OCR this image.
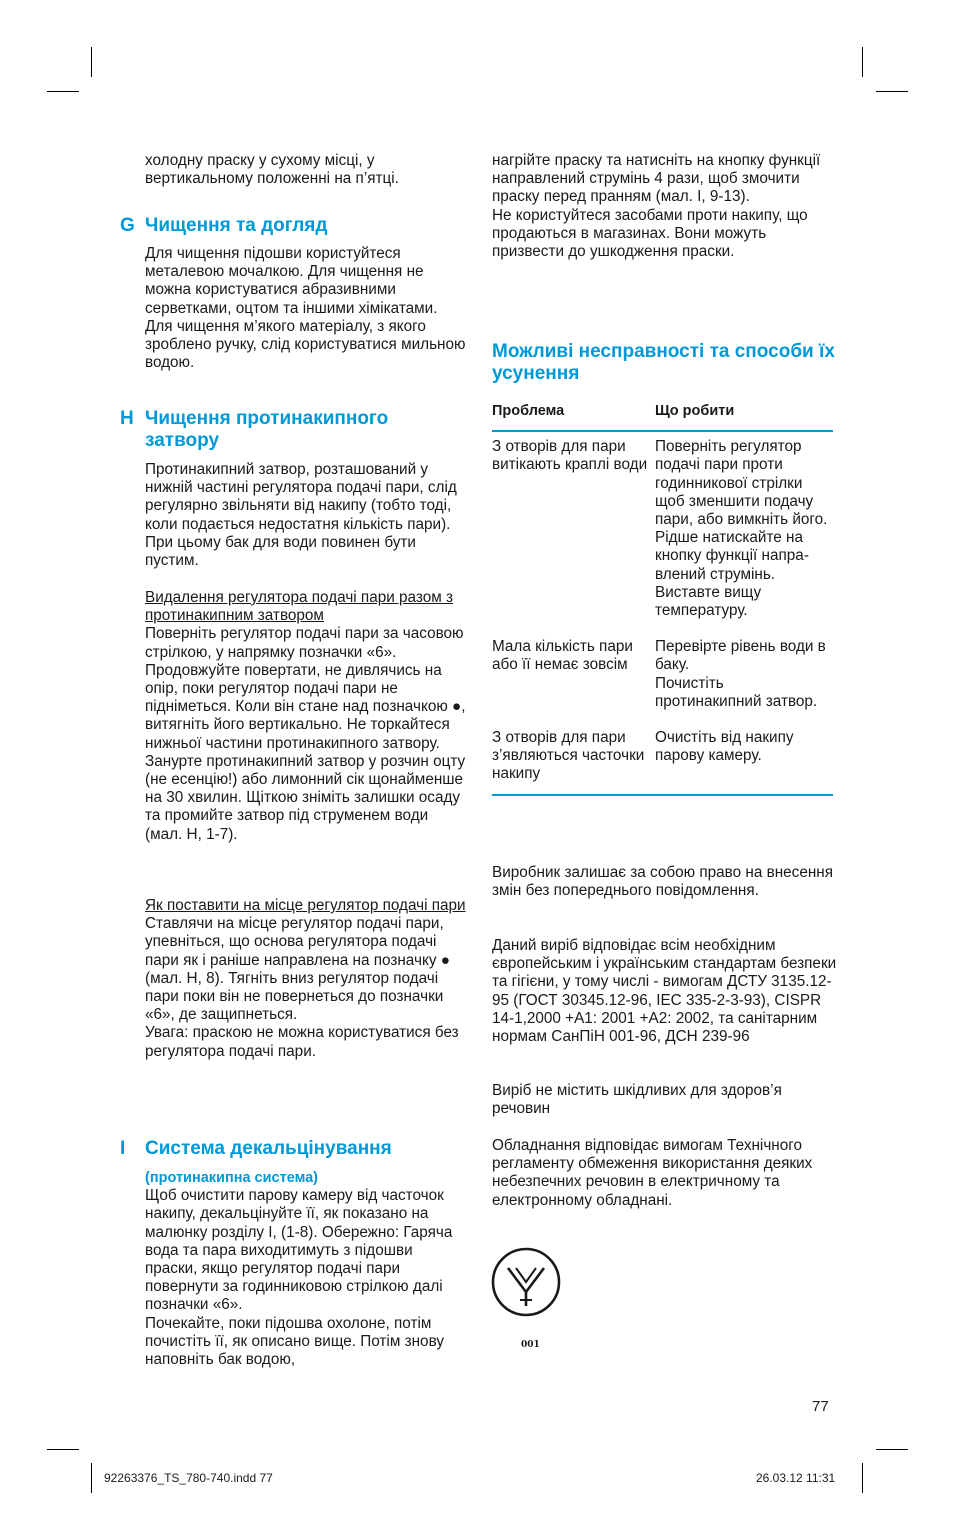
холодну праску у сухому місці, у вертикальному положенні на п’ятці.

G Чищення та догляд

Для чищення підошви користуйтеся металевою мочалкою. Для чищення не можна користуватися абразивними серветками, оцтом та іншими хімікатами. Для чищення м’якого матеріалу, з якого зроблено ручку, слід користуватися мильною водою.

H Чищення протинакипного затвору

Протинакипний затвор, розташований у нижній частині регулятора подачі пари, слід регулярно звільняти від накипу (тобто тоді, коли подається недостатня кількість пари). При цьому бак для води повинен бути пустим.

Видалення регулятора подачі пари разом з протинакипним затвором

Поверніть регулятор подачі пари за часовою стрілкою, у напрямку позначки «6». Продовжуйте повертати, не дивлячись на опір, поки регулятор подачі пари не підніметься. Коли він стане над позначкою ●, витягніть його вертикально. Не торкайтеся нижньої частини протинакипного затвору. Занурте протинакипний затвор у розчин оцту (не есенцію!) або лимонний сік щонайменше на 30 хвилин. Щіткою зніміть залишки осаду та промийте затвор під струменем води (мал. H, 1-7).

Як поставити на місце регулятор подачі пари

Ставлячи на місце регулятор подачі пари, упевніться, що основа регулятора подачі пари як і раніше направлена на позначку ● (мал. H, 8). Тягніть вниз регулятор подачі пари поки він не повернеться до позначки «6», де защипнеться.

Увага: праскою не можна користуватися без регулятора подачі пари.

I Система декальцінування

(протинакипна система)

Щоб очистити парову камеру від часточок накипу, декальцінуйте її, як показано на малюнку розділу I, (1-8). Обережно: Гаряча вода та пара виходитимуть з підошви праски, якщо регулятор подачі пари повернути за годинниковою стрілкою далі позначки «6».

Почекайте, поки підошва охолоне, потім почистіть її, як описано вище. Потім знову наповніть бак водою,

нагрійте праску та натисніть на кнопку функції направлений струмінь 4 рази, щоб змочити праску перед пранням (мал. I, 9-13).

Не користуйтеся засобами проти накипу, що продаються в магазинах. Вони можуть призвести до ушкодження праски.

Можливі несправності та способи їх усунення
Проблема	Що робити
З отворів для пари витікають краплі води	Поверніть регулятор подачі пари проти годинникової стрілки щоб зменшити подачу пари, або вимкніть його.

Рідше натискайте на кнопку функції направлений струмінь.

Виставте вищу температуру.

Мала кількість пари або її немає зовсім	Перевірте рівень води в баку.

Почистіть протинакипний затвор.

З отворів для пари з’являються часточки накипу	Очистіть від накипу парову камеру.

Виробник залишає за собою право на внесення змін без попереднього повідомлення.

Даний виріб відповідає всім необхідним європейським і українським стандартам безпеки та гігієни, у тому числі - вимогам ДСТУ 3135.12-95 (ГОСТ 30345.12-96, IEC 335-2-3-93), CISPR 14-1,2000 +A1: 2001 +A2: 2002, та санітарним нормам СанПіН 001-96, ДСН 239-96

Виріб не містить шкідливих для здоров’я речовин

Обладнання відповідає вимогам Технічного регламенту обмеження використання деяких небезпечних речовин в електричному та електронному обладнані.

001
77
92263376_TS_780-740.indd 77	26.03.12 11:31
